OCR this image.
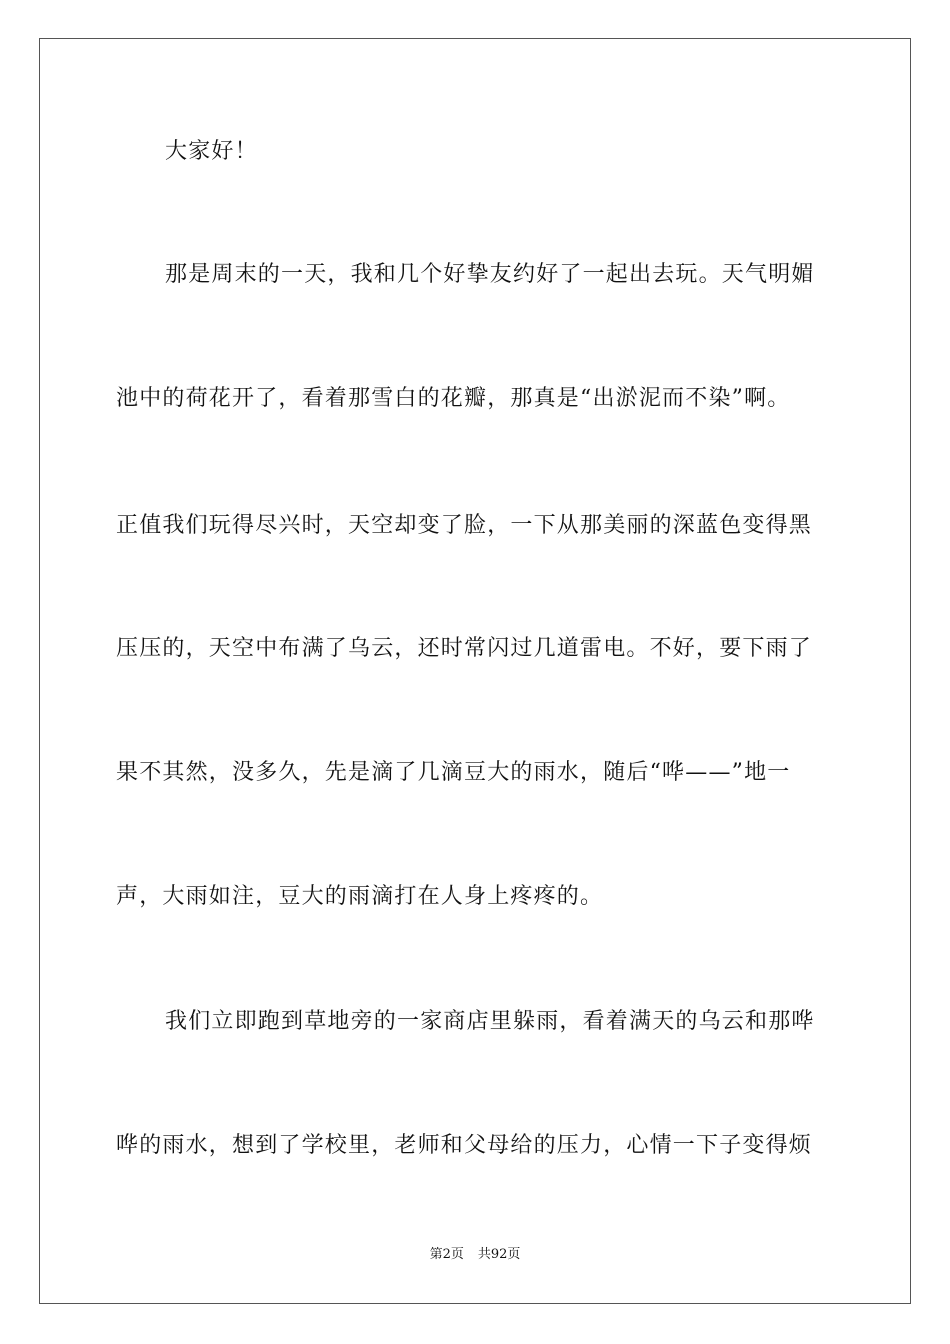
大家好！
那是周末的一天，我和几个好挚友约好了一起出去玩。天气明媚
池中的荷花开了，看着那雪白的花瓣，那真是“出淤泥而不染”啊。
正值我们玩得尽兴时，天空却变了脸，一下从那美丽的深蓝色变得黑
压压的，天空中布满了乌云，还时常闪过几道雷电。不好，要下雨了
果不其然，没多久，先是滴了几滴豆大的雨水，随后“哗——”地一
声，大雨如注，豆大的雨滴打在人身上疼疼的。
我们立即跑到草地旁的一家商店里躲雨，看着满天的乌云和那哗
哗的雨水，想到了学校里，老师和父母给的压力，心情一下子变得烦
第2页 共92页
